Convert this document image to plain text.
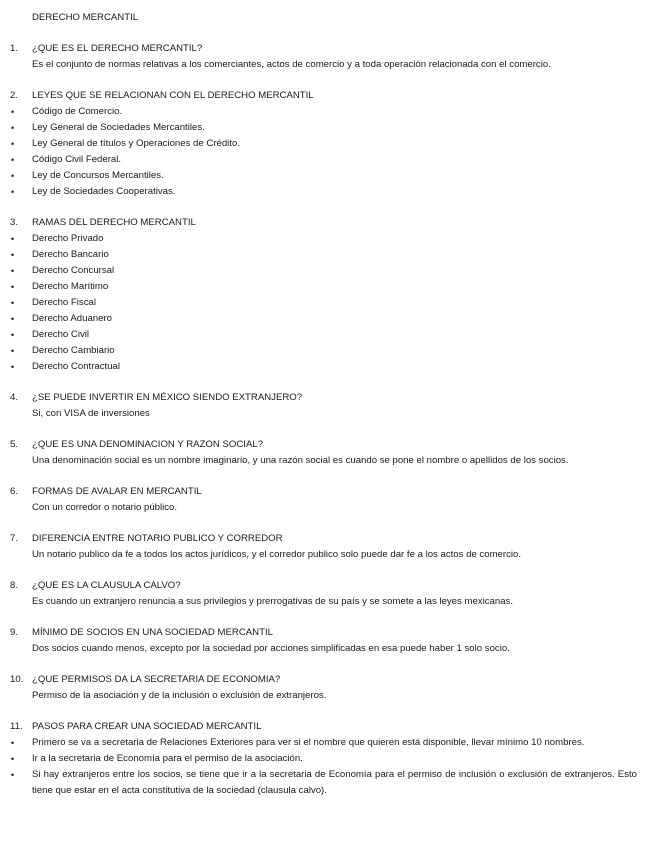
DERECHO MERCANTIL
1.	¿QUE ES EL DERECHO MERCANTIL?
Es el conjunto de normas relativas a los comerciantes, actos de comercio y a toda operación relacionada con el comercio.
2.	LEYES QUE SE RELACIONAN CON EL DERECHO MERCANTIL
•	Código de Comercio.
•	Ley General de Sociedades Mercantiles.
•	Ley General de títulos y Operaciones de Crédito.
•	Código Civil Federal.
•	Ley de Concursos Mercantiles.
•	Ley de Sociedades Cooperativas.
3.	RAMAS DEL DERECHO MERCANTIL
•	Derecho Privado
•	Derecho Bancario
•	Derecho Concursal
•	Derecho Marítimo
•	Derecho Fiscal
•	Derecho Aduanero
•	Derecho Civil
•	Derecho Cambiario
•	Derecho Contractual
4.	¿SE PUEDE INVERTIR EN MÉXICO SIENDO EXTRANJERO?
Si, con VISA de inversiones
5.	¿QUE ES UNA DENOMINACION Y RAZON SOCIAL?
Una denominación social es un nombre imaginario, y una razón social es cuando se pone el nombre o apellidos de los socios.
6.	FORMAS DE AVALAR EN MERCANTIL
Con un corredor o notario público.
7.	DIFERENCIA ENTRE NOTARIO PUBLICO Y CORREDOR
Un notario publico da fe a todos los actos jurídicos, y el corredor publico solo puede dar fe a los actos de comercio.
8.	¿QUE ES LA CLAUSULA CALVO?
Es cuando un extranjero renuncia a sus privilegios y prerrogativas de su país y se somete a las leyes mexicanas.
9.	MÍNIMO DE SOCIOS EN UNA SOCIEDAD MERCANTIL
Dos socios cuando menos, excepto por la sociedad por acciones simplificadas en esa puede haber 1 solo socio.
10. ¿QUE PERMISOS DA LA SECRETARIA DE ECONOMIA?
Permiso de la asociación y de la inclusión o exclusión de extranjeros.
11. PASOS PARA CREAR UNA SOCIEDAD MERCANTIL
•	Primero se va a secretaria de Relaciones Exteriores para ver si el nombre que quieren está disponible, llevar mínimo 10 nombres.
•	Ir a la secretaria de Economía para el permiso de la asociación.
•	Si hay extranjeros entre los socios, se tiene que ir a la secretaria de Economía para el permiso de inclusión o exclusión de extranjeros. Esto tiene que estar en el acta constitutiva de la sociedad (clausula calvo).
